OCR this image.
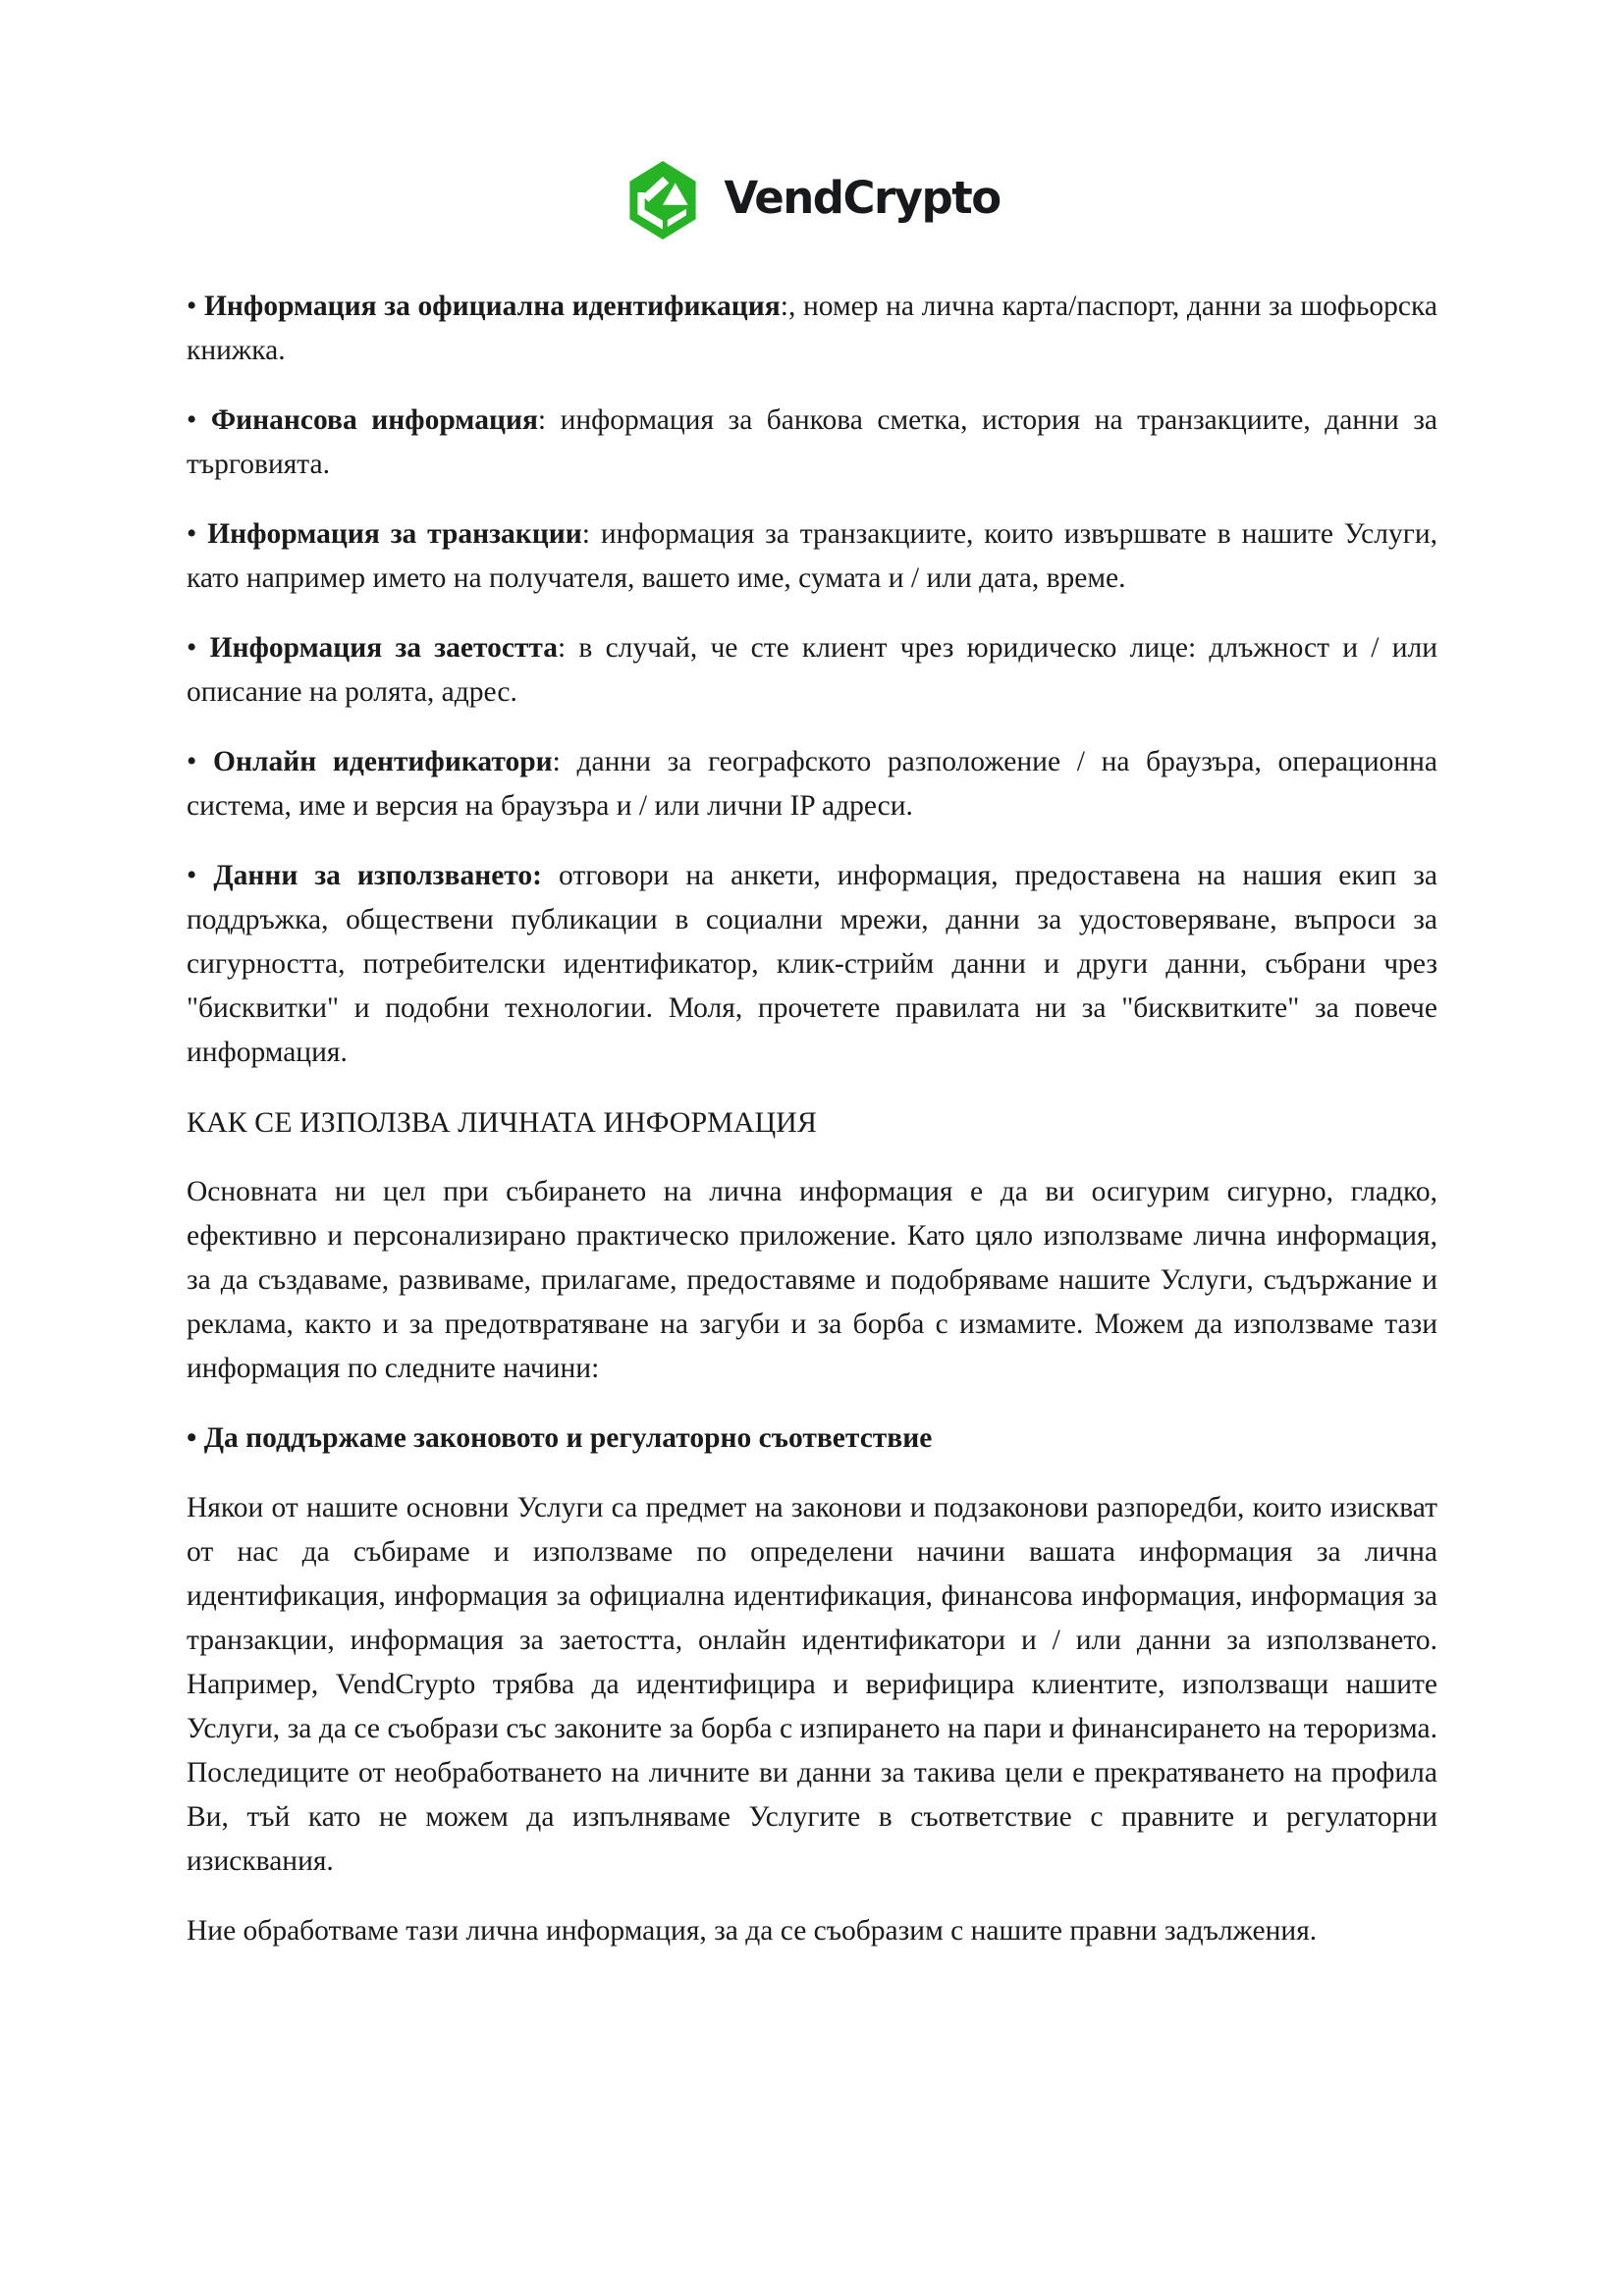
VendCrypto

• Информация за официална идентификация:, номер на лична карта/паспорт, данни за шофьорска книжка.

• Финансова информация: информация за банкова сметка, история на транзакциите, данни за търговията.

• Информация за транзакции: информация за транзакциите, които извършвате в нашите Услуги, като например името на получателя, вашето име, сумата и / или дата, време.

• Информация за заетостта: в случай, че сте клиент чрез юридическо лице: длъжност и / или описание на ролята, адрес.

• Онлайн идентификатори: данни за географското разположение / на браузъра, операционна система, име и версия на браузъра и / или лични IP адреси.

• Данни за използването: отговори на анкети, информация, предоставена на нашия екип за поддръжка, обществени публикации в социални мрежи, данни за удостоверяване, въпроси за сигурността, потребителски идентификатор, клик-стрийм данни и други данни, събрани чрез "бисквитки" и подобни технологии. Моля, прочетете правилата ни за "бисквитките" за повече информация.

КАК СЕ ИЗПОЛЗВА ЛИЧНАТА ИНФОРМАЦИЯ

Основната ни цел при събирането на лична информация е да ви осигурим сигурно, гладко, ефективно и персонализирано практическо приложение. Като цяло използваме лична информация, за да създаваме, развиваме, прилагаме, предоставяме и подобряваме нашите Услуги, съдържание и реклама, както и за предотвратяване на загуби и за борба с измамите. Можем да използваме тази информация по следните начини:

• Да поддържаме законовото и регулаторно съответствие

Някои от нашите основни Услуги са предмет на законови и подзаконови разпоредби, които изискват от нас да събираме и използваме по определени начини вашата информация за лична идентификация, информация за официална идентификация, финансова информация, информация за транзакции, информация за заетостта, онлайн идентификатори и / или данни за използването. Например, VendCrypto трябва да идентифицира и верифицира клиентите, използващи нашите Услуги, за да се съобрази със законите за борба с изпирането на пари и финансирането на тероризма. Последиците от необработването на личните ви данни за такива цели е прекратяването на профила Ви, тъй като не можем да изпълняваме Услугите в съответствие с правните и регулаторни изисквания.

Ние обработваме тази лична информация, за да се съобразим с нашите правни задължения.
